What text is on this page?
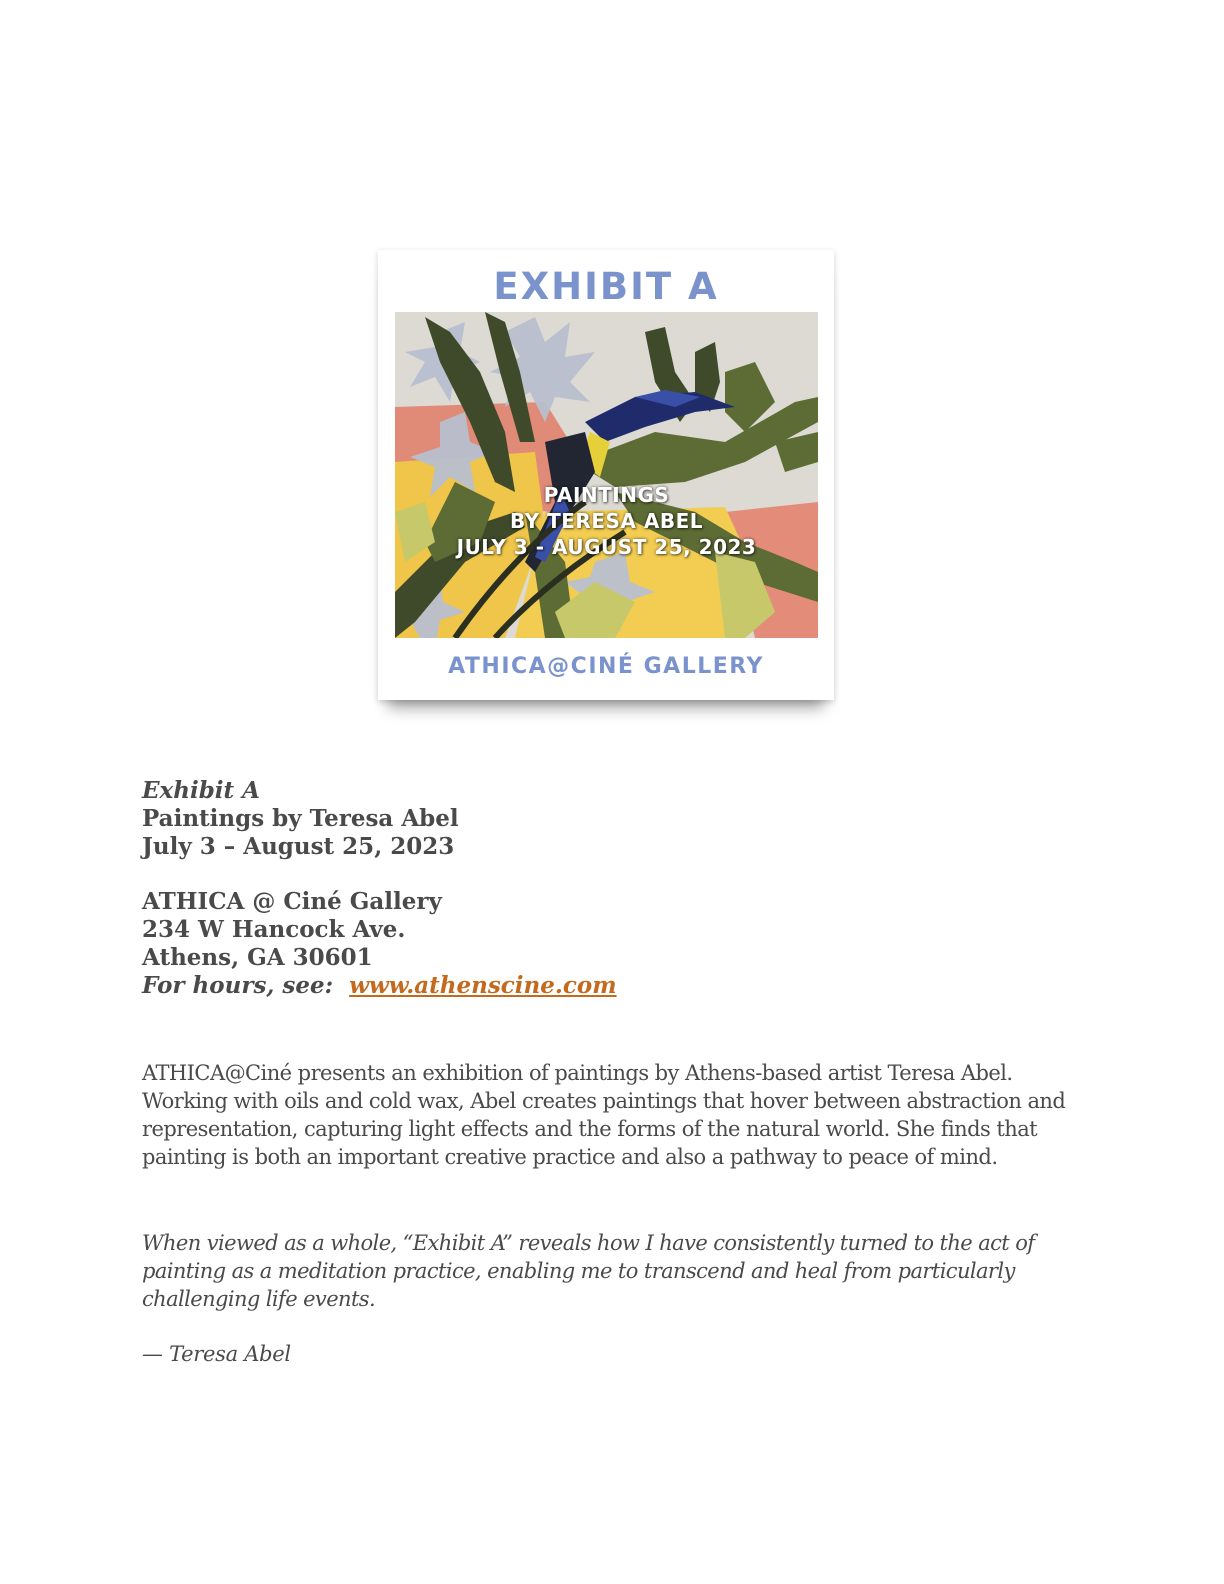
EXHIBIT A
PAINTINGS
BY TERESA ABEL
JULY 3 - AUGUST 25, 2023
ATHICA@CINÉ GALLERY
Exhibit A
Paintings by Teresa Abel
July 3 – August 25, 2023
ATHICA @ Ciné Gallery
234 W Hancock Ave.
Athens, GA 30601
For hours, see: www.athenscine.com

ATHICA@Ciné presents an exhibition of paintings by Athens-based artist Teresa Abel. Working with oils and cold wax, Abel creates paintings that hover between abstraction and representation, capturing light effects and the forms of the natural world. She finds that painting is both an important creative practice and also a pathway to peace of mind.

When viewed as a whole, “Exhibit A” reveals how I have consistently turned to the act of painting as a meditation practice, enabling me to transcend and heal from particularly challenging life events.

— Teresa Abel
